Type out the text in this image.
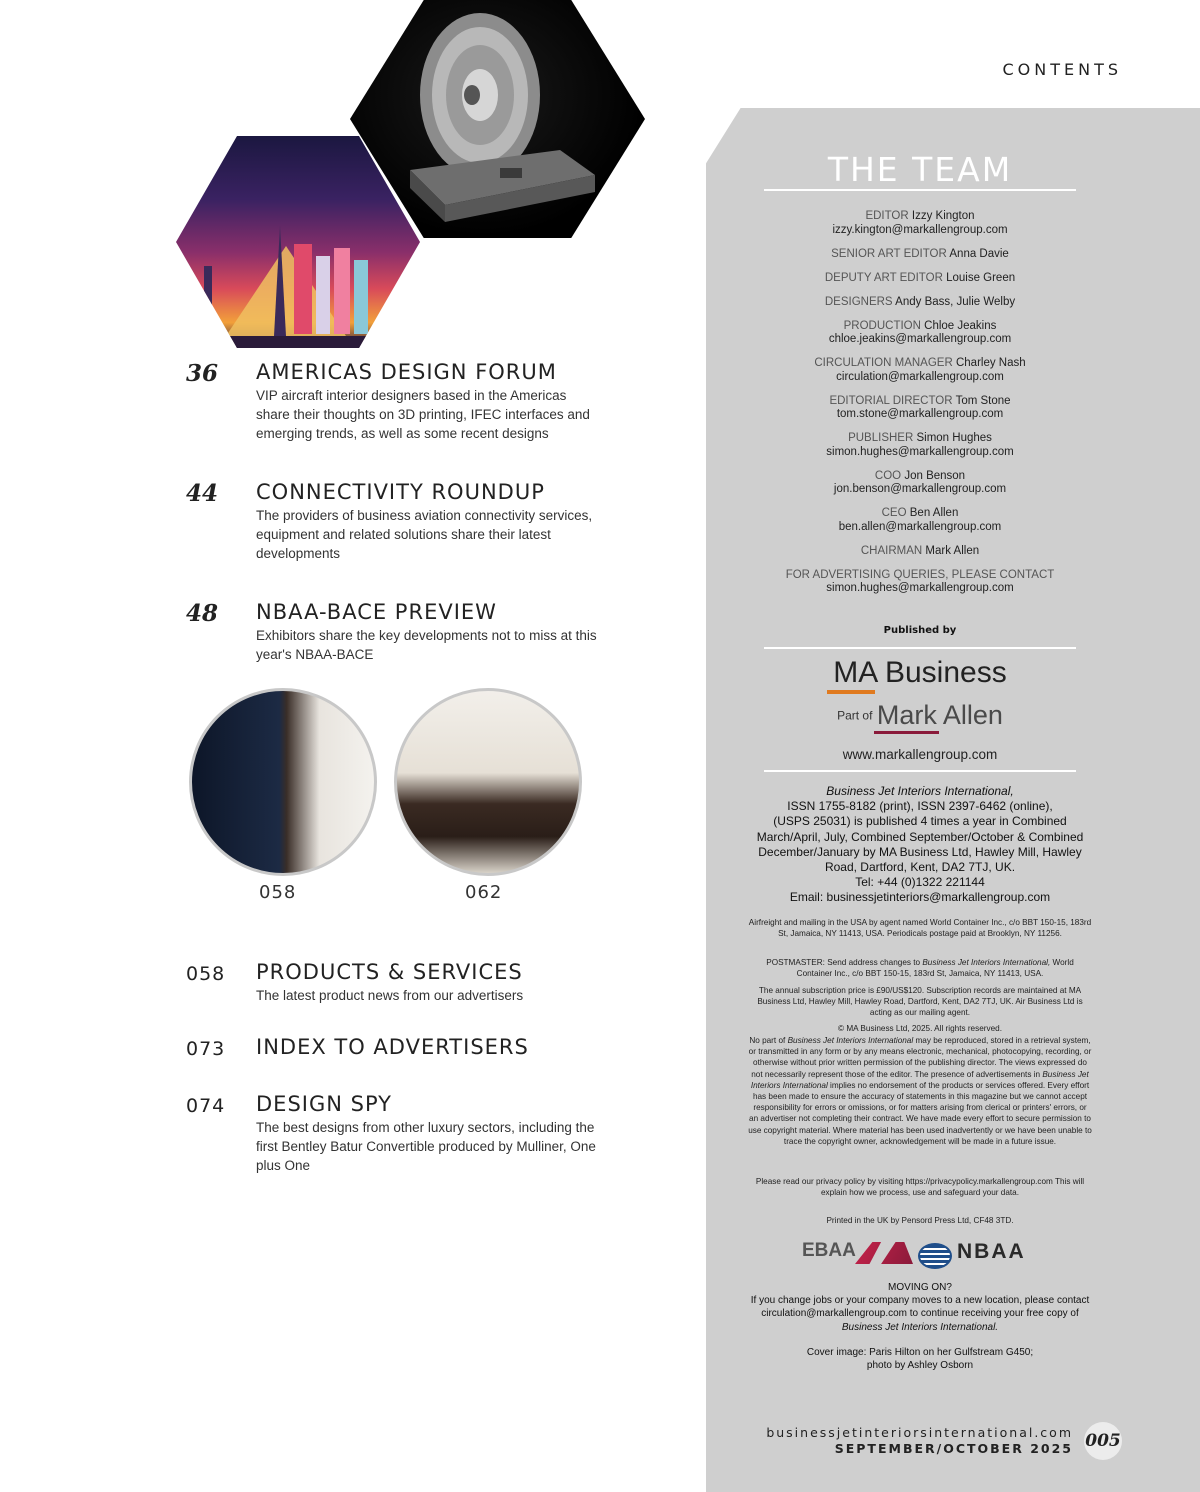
CONTENTS
36 AMERICAS DESIGN FORUM
VIP aircraft interior designers based in the Americas share their thoughts on 3D printing, IFEC interfaces and emerging trends, as well as some recent designs
44 CONNECTIVITY ROUNDUP
The providers of business aviation connectivity services, equipment and related solutions share their latest developments
48 NBAA-BACE PREVIEW
Exhibitors share the key developments not to miss at this year's NBAA-BACE
058	062
058 PRODUCTS & SERVICES
The latest product news from our advertisers
073 INDEX TO ADVERTISERS
074 DESIGN SPY
The best designs from other luxury sectors, including the first Bentley Batur Convertible produced by Mulliner, One plus One
THE TEAM
EDITOR Izzy Kington
izzy.kington@markallengroup.com
SENIOR ART EDITOR Anna Davie
DEPUTY ART EDITOR Louise Green
DESIGNERS Andy Bass, Julie Welby
PRODUCTION Chloe Jeakins
chloe.jeakins@markallengroup.com
CIRCULATION MANAGER Charley Nash
circulation@markallengroup.com
EDITORIAL DIRECTOR Tom Stone
tom.stone@markallengroup.com
PUBLISHER Simon Hughes
simon.hughes@markallengroup.com
COO Jon Benson
jon.benson@markallengroup.com
CEO Ben Allen
ben.allen@markallengroup.com
CHAIRMAN Mark Allen
FOR ADVERTISING QUERIES, PLEASE CONTACT
simon.hughes@markallengroup.com
Published by
MA Business
Part of Mark Allen
www.markallengroup.com
Business Jet Interiors International,
ISSN 1755-8182 (print), ISSN 2397-6462 (online),
(USPS 25031) is published 4 times a year in Combined
March/April, July, Combined September/October & Combined
December/January by MA Business Ltd, Hawley Mill, Hawley
Road, Dartford, Kent, DA2 7TJ, UK.
Tel: +44 (0)1322 221144
Email: businessjetinteriors@markallengroup.com
Airfreight and mailing in the USA by agent named World Container Inc., c/o BBT 150-15, 183rd St, Jamaica, NY 11413, USA. Periodicals postage paid at Brooklyn, NY 11256.
POSTMASTER: Send address changes to Business Jet Interiors International, World Container Inc., c/o BBT 150-15, 183rd St, Jamaica, NY 11413, USA.
The annual subscription price is £90/US$120. Subscription records are maintained at MA Business Ltd, Hawley Mill, Hawley Road, Dartford, Kent, DA2 7TJ, UK. Air Business Ltd is acting as our mailing agent.
© MA Business Ltd, 2025. All rights reserved.
No part of Business Jet Interiors International may be reproduced, stored in a retrieval system, or transmitted in any form or by any means electronic, mechanical, photocopying, recording, or otherwise without prior written permission of the publishing director. The views expressed do not necessarily represent those of the editor. The presence of advertisements in Business Jet Interiors International implies no endorsement of the products or services offered. Every effort has been made to ensure the accuracy of statements in this magazine but we cannot accept responsibility for errors or omissions, or for matters arising from clerical or printers' errors, or an advertiser not completing their contract. We have made every effort to secure permission to use copyright material. Where material has been used inadvertently or we have been unable to trace the copyright owner, acknowledgement will be made in a future issue.
Please read our privacy policy by visiting https://privacypolicy.markallengroup.com This will explain how we process, use and safeguard your data.
Printed in the UK by Pensord Press Ltd, CF48 3TD.
EBAA	NBAA
MOVING ON?
If you change jobs or your company moves to a new location, please contact circulation@markallengroup.com to continue receiving your free copy of Business Jet Interiors International.
Cover image: Paris Hilton on her Gulfstream G450;
photo by Ashley Osborn
businessjetinteriorsinternational.com
SEPTEMBER/OCTOBER 2025 005
